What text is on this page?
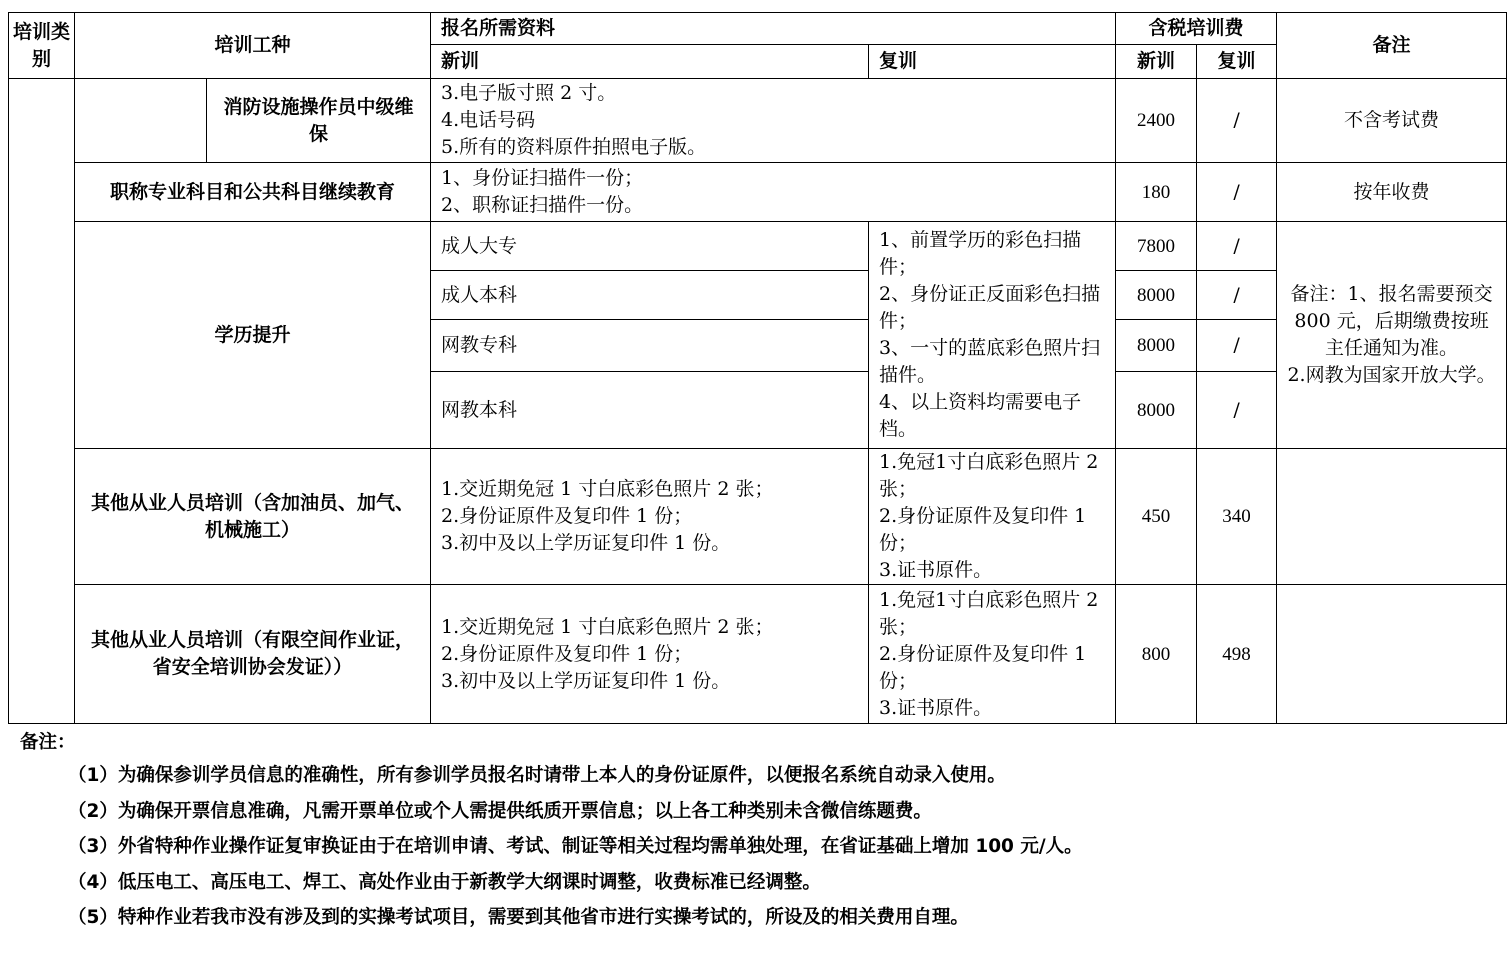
培训类别	培训工种		报名所需资料		含税培训费		备注
			新训	复训	新训	复训	
		消防设施操作员中级维保	3.电子版寸照 2 寸。
4.电话号码
5.所有的资料原件拍照电子版。		2400	/	不含考试费
	职称专业科目和公共科目继续教育		1、身份证扫描件一份；
2、职称证扫描件一份。		180	/	按年收费
	学历提升		成人大专	1、前置学历的彩色扫描件；
2、身份证正反面彩色扫描件；
3、一寸的蓝底彩色照片扫描件。
4、以上资料均需要电子档。	7800	/	备注：1、报名需要预交 800 元，后期缴费按班主任通知为准。
2.网教为国家开放大学。

			成人本科		8000	/	
			网教专科		8000	/	
			网教本科		8000	/	
	其他从业人员培训（含加油员、加气、机械施工）		1.交近期免冠 1 寸白底彩色照片 2 张；
2.身份证原件及复印件 1 份；
3.初中及以上学历证复印件 1 份。	1.免冠1寸白底彩色照片 2 张；
2.身份证原件及复印件 1 份；
3.证书原件。	450	340	
	其他从业人员培训（有限空间作业证，省安全培训协会发证））		1.交近期免冠 1 寸白底彩色照片 2 张；
2.身份证原件及复印件 1 份；
3.初中及以上学历证复印件 1 份。	1.免冠1寸白底彩色照片 2 张；
2.身份证原件及复印件 1 份；
3.证书原件。	800	498	
备注：
（1）为确保参训学员信息的准确性，所有参训学员报名时请带上本人的身份证原件，以便报名系统自动录入使用。
（2）为确保开票信息准确，凡需开票单位或个人需提供纸质开票信息；以上各工种类别未含微信练题费。
（3）外省特种作业操作证复审换证由于在培训申请、考试、制证等相关过程均需单独处理，在省证基础上增加 100 元/人。
（4）低压电工、高压电工、焊工、高处作业由于新教学大纲课时调整，收费标准已经调整。
（5）特种作业若我市没有涉及到的实操考试项目，需要到其他省市进行实操考试的，所设及的相关费用自理。
